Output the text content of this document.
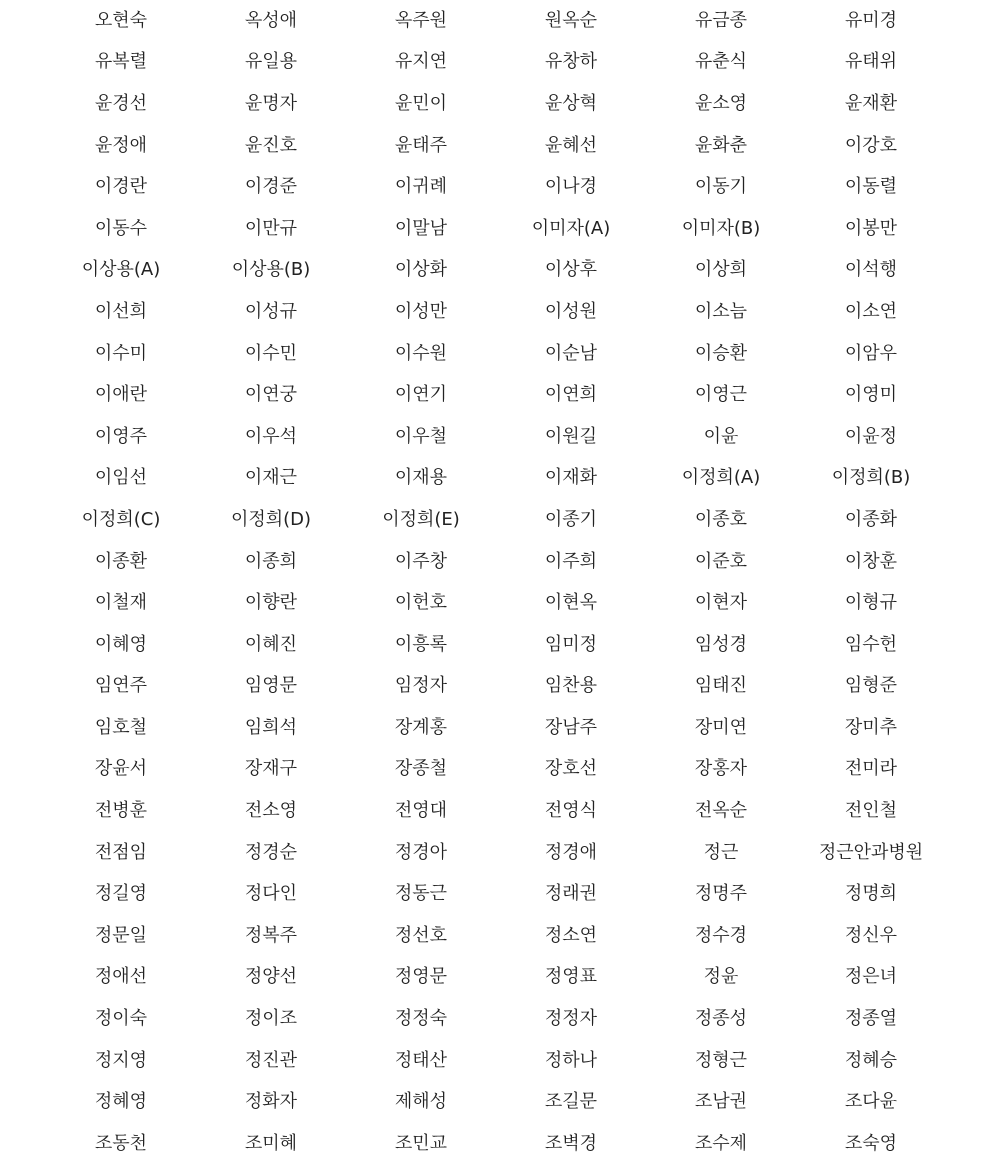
오현숙	옥성애	옥주원	원옥순	유금종	유미경
유복렬	유일용	유지연	유창하	유춘식	유태위
윤경선	윤명자	윤민이	윤상혁	윤소영	윤재환
윤정애	윤진호	윤태주	윤혜선	윤화춘	이강호
이경란	이경준	이귀례	이나경	이동기	이동렬
이동수	이만규	이말남	이미자(A)	이미자(B)	이봉만
이상용(A)	이상용(B)	이상화	이상후	이상희	이석행
이선희	이성규	이성만	이성원	이소늠	이소연
이수미	이수민	이수원	이순남	이승환	이암우
이애란	이연궁	이연기	이연희	이영근	이영미
이영주	이우석	이우철	이원길	이윤	이윤정
이임선	이재근	이재용	이재화	이정희(A)	이정희(B)
이정희(C)	이정희(D)	이정희(E)	이종기	이종호	이종화
이종환	이종희	이주창	이주희	이준호	이창훈
이철재	이향란	이헌호	이현옥	이현자	이형규
이혜영	이혜진	이흥록	임미정	임성경	임수헌
임연주	임영문	임정자	임찬용	임태진	임형준
임호철	임희석	장계홍	장남주	장미연	장미추
장윤서	장재구	장종철	장호선	장홍자	전미라
전병훈	전소영	전영대	전영식	전옥순	전인철
전점임	정경순	정경아	정경애	정근	정근안과병원
정길영	정다인	정동근	정래권	정명주	정명희
정문일	정복주	정선호	정소연	정수경	정신우
정애선	정양선	정영문	정영표	정윤	정은녀
정이숙	정이조	정정숙	정정자	정종성	정종열
정지영	정진관	정태산	정하나	정형근	정혜승
정혜영	정화자	제해성	조길문	조남권	조다윤
조동천	조미혜	조민교	조벽경	조수제	조숙영
